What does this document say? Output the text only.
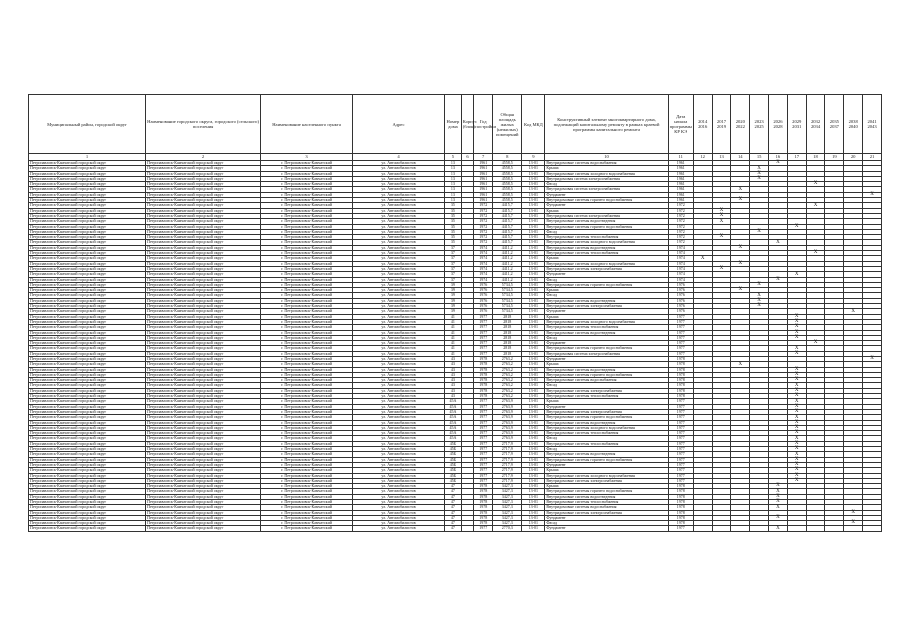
Муниципальный район, городской округ	Наименование городского округа, городского (сельского) поселения	Наименование населенного пункта	Адрес	Номер дома	Корпус (блок)	Год постройки	Общая площадь жилых (нежилых) помещений	Код МКД	Конструктивный элемент многоквартирного дома, подлежащий капитальному ремонту в рамках краевой программы капитального ремонта	Дата начала программы КР КЭ	2014 2016	2017 2019	2020 2022	2023 2025	2026 2028	2029 2031	2032 2034	2035 2037	2038 2040	2041 2043
1	2	3	4	5	6	7	8	9	10	11	12	13	14	15	16	17	18	19	20	21
Петропавловск-Камчатский городской округ	Петропавловск-Камчатский городской округ	г. Петропавловск-Камчатский	ул. Автомобилистов	13		1961	4558,5	13-01	Внутридомовые системы водоснабжения	1961					X					
Петропавловск-Камчатский городской округ	Петропавловск-Камчатский городской округ	г. Петропавловск-Камчатский	ул. Автомобилистов	13		1961	4558,5	13-01	Крыша	1961				X						
Петропавловск-Камчатский городской округ	Петропавловск-Камчатский городской округ	г. Петропавловск-Камчатский	ул. Автомобилистов	13		1961	4558,5	13-01	Внутридомовые системы холодного водоснабжения	1961				X						
Петропавловск-Камчатский городской округ	Петропавловск-Камчатский городской округ	г. Петропавловск-Камчатский	ул. Автомобилистов	13		1961	4558,5	13-01	Внутридомовая система электроснабжения	1961				X						
Петропавловск-Камчатский городской округ	Петропавловск-Камчатский городской округ	г. Петропавловск-Камчатский	ул. Автомобилистов	13		1961	4558,5	13-01	Фасад	1961							X			
Петропавловск-Камчатский городской округ	Петропавловск-Камчатский городской округ	г. Петропавловск-Камчатский	ул. Автомобилистов	13		1961	4558,5	13-01	Внутридомовая система электроснабжения	1961			X							
Петропавловск-Камчатский городской округ	Петропавловск-Камчатский городской округ	г. Петропавловск-Камчатский	ул. Автомобилистов	13		1961	4558,5	13-01	Фундамент	1961										X
Петропавловск-Камчатский городской округ	Петропавловск-Камчатский городской округ	г. Петропавловск-Камчатский	ул. Автомобилистов	13		1961	4558,5	13-01	Внутридомовые системы горячего водоснабжения	1961			X							
Петропавловск-Камчатский городской округ	Петропавловск-Камчатский городской округ	г. Петропавловск-Камчатский	ул. Автомобилистов	35		1972	4415,7	13-01	Фундамент	1972							X			
Петропавловск-Камчатский городской округ	Петропавловск-Камчатский городской округ	г. Петропавловск-Камчатский	ул. Автомобилистов	35		1972	4415,7	13-01	Крыша	1972		X								
Петропавловск-Камчатский городской округ	Петропавловск-Камчатский городской округ	г. Петропавловск-Камчатский	ул. Автомобилистов	35		1972	4415,7	13-01	Внутридомовая система электроснабжения	1972		X								
Петропавловск-Камчатский городской округ	Петропавловск-Камчатский городской округ	г. Петропавловск-Камчатский	ул. Автомобилистов	35		1972	4415,7	13-01	Внутридомовые системы водоотведения	1972		X								
Петропавловск-Камчатский городской округ	Петропавловск-Камчатский городской округ	г. Петропавловск-Камчатский	ул. Автомобилистов	35		1972	4415,7	13-01	Внутридомовые системы горячего водоснабжения	1972						X				
Петропавловск-Камчатский городской округ	Петропавловск-Камчатский городской округ	г. Петропавловск-Камчатский	ул. Автомобилистов	35		1972	4415,7	13-01	Фасад	1972				X						
Петропавловск-Камчатский городской округ	Петропавловск-Камчатский городской округ	г. Петропавловск-Камчатский	ул. Автомобилистов	35		1972	4415,7	13-01	Внутридомовые системы теплоснабжения	1972		X								
Петропавловск-Камчатский городской округ	Петропавловск-Камчатский городской округ	г. Петропавловск-Камчатский	ул. Автомобилистов	35		1972	4415,7	13-01	Внутридомовые системы холодного водоснабжения	1972					X					
Петропавловск-Камчатский городской округ	Петропавловск-Камчатский городской округ	г. Петропавловск-Камчатский	ул. Автомобилистов	37		1974	4411,2	13-01	Внутридомовые системы водоотведения	1974			X							
Петропавловск-Камчатский городской округ	Петропавловск-Камчатский городской округ	г. Петропавловск-Камчатский	ул. Автомобилистов	37		1974	4411,2	13-01	Внутридомовые системы теплоснабжения	1974							X			
Петропавловск-Камчатский городской округ	Петропавловск-Камчатский городской округ	г. Петропавловск-Камчатский	ул. Автомобилистов	37		1974	4411,2	13-01	Крыша	1974	X									
Петропавловск-Камчатский городской округ	Петропавловск-Камчатский городской округ	г. Петропавловск-Камчатский	ул. Автомобилистов	37		1974	4411,2	13-01	Внутридомовые системы холодного водоснабжения	1974			X							
Петропавловск-Камчатский городской округ	Петропавловск-Камчатский городской округ	г. Петропавловск-Камчатский	ул. Автомобилистов	37		1974	4411,2	13-01	Внутридомовые системы электроснабжения	1974		X								
Петропавловск-Камчатский городской округ	Петропавловск-Камчатский городской округ	г. Петропавловск-Камчатский	ул. Автомобилистов	37		1974	4411,2	13-01	Фундамент	1974						X				
Петропавловск-Камчатский городской округ	Петропавловск-Камчатский городской округ	г. Петропавловск-Камчатский	ул. Автомобилистов	37		1974	4411,2	13-01	Фасад	1974					X					
Петропавловск-Камчатский городской округ	Петропавловск-Камчатский городской округ	г. Петропавловск-Камчатский	ул. Автомобилистов	39		1976	5734,5	13-01	Внутридомовые системы горячего водоснабжения	1976				X						
Петропавловск-Камчатский городской округ	Петропавловск-Камчатский городской округ	г. Петропавловск-Камчатский	ул. Автомобилистов	39		1976	5734,5	13-01	Крыша	1976			X							
Петропавловск-Камчатский городской округ	Петропавловск-Камчатский городской округ	г. Петропавловск-Камчатский	ул. Автомобилистов	39		1976	5734,5	13-01	Фасад	1976				X						
Петропавловск-Камчатский городской округ	Петропавловск-Камчатский городской округ	г. Петропавловск-Камчатский	ул. Автомобилистов	39		1976	5734,5	13-01	Внутридомовые системы водоотведения	1976				X						
Петропавловск-Камчатский городской округ	Петропавловск-Камчатский городской округ	г. Петропавловск-Камчатский	ул. Автомобилистов	39		1976	5734,5	13-01	Внутридомовые системы электроснабжения	1976				X						
Петропавловск-Камчатский городской округ	Петропавловск-Камчатский городской округ	г. Петропавловск-Камчатский	ул. Автомобилистов	39		1976	5734,5	13-01	Фундамент	1976									X	
Петропавловск-Камчатский городской округ	Петропавловск-Камчатский городской округ	г. Петропавловск-Камчатский	ул. Автомобилистов	41		1977	2818	13-01	Крыша	1977						X				
Петропавловск-Камчатский городской округ	Петропавловск-Камчатский городской округ	г. Петропавловск-Камчатский	ул. Автомобилистов	41		1977	2818	13-01	Внутридомовые системы холодного водоснабжения	1977						X				
Петропавловск-Камчатский городской округ	Петропавловск-Камчатский городской округ	г. Петропавловск-Камчатский	ул. Автомобилистов	41		1977	2818	13-01	Внутридомовые системы теплоснабжения	1977						X				
Петропавловск-Камчатский городской округ	Петропавловск-Камчатский городской округ	г. Петропавловск-Камчатский	ул. Автомобилистов	41		1977	2818	13-01	Внутридомовые системы водоотведения	1977						X				
Петропавловск-Камчатский городской округ	Петропавловск-Камчатский городской округ	г. Петропавловск-Камчатский	ул. Автомобилистов	41		1977	2818	13-01	Фасад	1977						X				
Петропавловск-Камчатский городской округ	Петропавловск-Камчатский городской округ	г. Петропавловск-Камчатский	ул. Автомобилистов	41		1977	2818	13-01	Фундамент	1977							X			
Петропавловск-Камчатский городской округ	Петропавловск-Камчатский городской округ	г. Петропавловск-Камчатский	ул. Автомобилистов	41		1977	2818	13-01	Внутридомовые системы горячего водоснабжения	1977						X				
Петропавловск-Камчатский городской округ	Петропавловск-Камчатский городской округ	г. Петропавловск-Камчатский	ул. Автомобилистов	41		1977	2818	13-01	Внутридомовая система электроснабжения	1977						X				
Петропавловск-Камчатский городской округ	Петропавловск-Камчатский городской округ	г. Петропавловск-Камчатский	ул. Автомобилистов	43		1978	2763,2	13-01	Фундамент	1978										X
Петропавловск-Камчатский городской округ	Петропавловск-Камчатский городской округ	г. Петропавловск-Камчатский	ул. Автомобилистов	43		1978	2763,2	13-01	Крыша	1978			X							
Петропавловск-Камчатский городской округ	Петропавловск-Камчатский городской округ	г. Петропавловск-Камчатский	ул. Автомобилистов	43		1978	2763,2	13-01	Внутридомовые системы водоотведения	1978						X				
Петропавловск-Камчатский городской округ	Петропавловск-Камчатский городской округ	г. Петропавловск-Камчатский	ул. Автомобилистов	43		1978	2763,2	13-01	Внутридомовые системы горячего водоснабжения	1978						X				
Петропавловск-Камчатский городской округ	Петропавловск-Камчатский городской округ	г. Петропавловск-Камчатский	ул. Автомобилистов	43		1978	2763,2	13-01	Внутридомовые системы водоснабжения	1978						X				
Петропавловск-Камчатский городской округ	Петропавловск-Камчатский городской округ	г. Петропавловск-Камчатский	ул. Автомобилистов	43		1978	2763,2	13-01	Фасад	1978						X				
Петропавловск-Камчатский городской округ	Петропавловск-Камчатский городской округ	г. Петропавловск-Камчатский	ул. Автомобилистов	43		1978	2763,2	13-01	Внутридомовые системы электроснабжения	1978						X				
Петропавловск-Камчатский городской округ	Петропавловск-Камчатский городской округ	г. Петропавловск-Камчатский	ул. Автомобилистов	43		1978	2763,2	13-01	Внутридомовые системы теплоснабжения	1978						X				
Петропавловск-Камчатский городской округ	Петропавловск-Камчатский городской округ	г. Петропавловск-Камчатский	ул. Автомобилистов	45А		1977	2763,9	13-01	Крыша	1977						X				
Петропавловск-Камчатский городской округ	Петропавловск-Камчатский городской округ	г. Петропавловск-Камчатский	ул. Автомобилистов	45А		1977	2763,9	13-01	Фундамент	1977						X				
Петропавловск-Камчатский городской округ	Петропавловск-Камчатский городской округ	г. Петропавловск-Камчатский	ул. Автомобилистов	45А		1977	2763,9	13-01	Внутридомовые системы электроснабжения	1977						X				
Петропавловск-Камчатский городской округ	Петропавловск-Камчатский городской округ	г. Петропавловск-Камчатский	ул. Автомобилистов	45А		1977	2763,9	13-01	Внутридомовые системы горячего водоснабжения	1977						X				
Петропавловск-Камчатский городской округ	Петропавловск-Камчатский городской округ	г. Петропавловск-Камчатский	ул. Автомобилистов	45А		1977	2763,9	13-01	Внутридомовые системы водоотведения	1977						X				
Петропавловск-Камчатский городской округ	Петропавловск-Камчатский городской округ	г. Петропавловск-Камчатский	ул. Автомобилистов	45А		1977	2763,9	13-01	Внутридомовые системы холодного водоснабжения	1977						X				
Петропавловск-Камчатский городской округ	Петропавловск-Камчатский городской округ	г. Петропавловск-Камчатский	ул. Автомобилистов	45А		1977	2763,9	13-01	Внутридомовые системы теплоснабжения	1977						X				
Петропавловск-Камчатский городской округ	Петропавловск-Камчатский городской округ	г. Петропавловск-Камчатский	ул. Автомобилистов	45А		1977	2763,9	13-01	Фасад	1977						X				
Петропавловск-Камчатский городской округ	Петропавловск-Камчатский городской округ	г. Петропавловск-Камчатский	ул. Автомобилистов	45Б		1977	2717,9	13-01	Внутридомовые системы теплоснабжения	1977						X				
Петропавловск-Камчатский городской округ	Петропавловск-Камчатский городской округ	г. Петропавловск-Камчатский	ул. Автомобилистов	45Б		1977	2717,9	13-01	Фасад	1977						X				
Петропавловск-Камчатский городской округ	Петропавловск-Камчатский городской округ	г. Петропавловск-Камчатский	ул. Автомобилистов	45Б		1977	2717,9	13-01	Внутридомовые системы водоотведения	1977						X				
Петропавловск-Камчатский городской округ	Петропавловск-Камчатский городской округ	г. Петропавловск-Камчатский	ул. Автомобилистов	45Б		1977	2717,9	13-01	Внутридомовые системы горячего водоснабжения	1977						X				
Петропавловск-Камчатский городской округ	Петропавловск-Камчатский городской округ	г. Петропавловск-Камчатский	ул. Автомобилистов	45Б		1977	2717,9	13-01	Фундамент	1977						X				
Петропавловск-Камчатский городской округ	Петропавловск-Камчатский городской округ	г. Петропавловск-Камчатский	ул. Автомобилистов	45Б		1977	2717,9	13-01	Крыша	1977						X				
Петропавловск-Камчатский городской округ	Петропавловск-Камчатский городской округ	г. Петропавловск-Камчатский	ул. Автомобилистов	45Б		1977	2717,9	13-01	Внутридомовые системы холодного водоснабжения	1977						X				
Петропавловск-Камчатский городской округ	Петропавловск-Камчатский городской округ	г. Петропавловск-Камчатский	ул. Автомобилистов	45Б		1977	2717,9	13-01	Внутридомовые системы электроснабжения	1977						X				
Петропавловск-Камчатский городской округ	Петропавловск-Камчатский городской округ	г. Петропавловск-Камчатский	ул. Автомобилистов	47		1978	3427,3	13-01	Крыша	1978					X					
Петропавловск-Камчатский городской округ	Петропавловск-Камчатский городской округ	г. Петропавловск-Камчатский	ул. Автомобилистов	47		1978	3427,3	13-01	Внутридомовые системы горячего водоснабжения	1978					X					
Петропавловск-Камчатский городской округ	Петропавловск-Камчатский городской округ	г. Петропавловск-Камчатский	ул. Автомобилистов	47		1978	3427,3	13-01	Внутридомовые системы водоотведения	1978					X					
Петропавловск-Камчатский городской округ	Петропавловск-Камчатский городской округ	г. Петропавловск-Камчатский	ул. Автомобилистов	47		1978	3427,3	13-01	Внутридомовые системы теплоснабжения	1978					X					
Петропавловск-Камчатский городской округ	Петропавловск-Камчатский городской округ	г. Петропавловск-Камчатский	ул. Автомобилистов	47		1978	3427,3	13-01	Внутридомовые системы водоснабжения	1978					X					
Петропавловск-Камчатский городской округ	Петропавловск-Камчатский городской округ	г. Петропавловск-Камчатский	ул. Автомобилистов	47		1978	3427,3	13-01	Внутридомовые системы электроснабжения	1978									X	
Петропавловск-Камчатский городской округ	Петропавловск-Камчатский городской округ	г. Петропавловск-Камчатский	ул. Автомобилистов	47		1978	3427,3	13-01	Фундамент	1978					X					
Петропавловск-Камчатский городской округ	Петропавловск-Камчатский городской округ	г. Петропавловск-Камчатский	ул. Автомобилистов	47		1978	3427,3	13-01	Фасад	1978									X	
Петропавловск-Камчатский городской округ	Петропавловск-Камчатский городской округ	г. Петропавловск-Камчатский	ул. Автомобилистов	47		1977	2770,3	13-01	Фундамент	1977					X					
